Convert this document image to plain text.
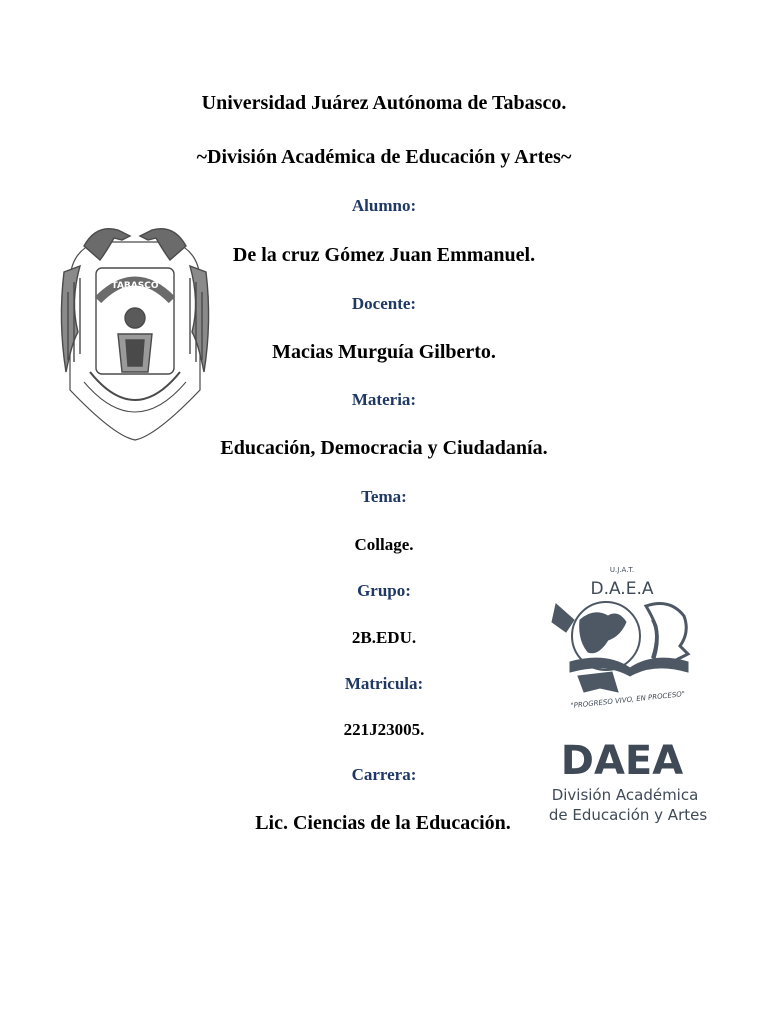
Universidad Juárez Autónoma de Tabasco.
~División Académica de Educación y Artes~
Alumno:
De la cruz Gómez Juan Emmanuel.
Docente:
Macias Murguía Gilberto.
Materia:
Educación, Democracia y Ciudadanía.
Tema:
Collage.
Grupo:
2B.EDU.
Matricula:
221J23005.
Carrera:
Lic. Ciencias de la Educación.
TABASCO
U.J.A.T.
D.A.E.A
"PROGRESO VIVO, EN PROCESO"
DAEA
División Académica
de Educación y Artes
